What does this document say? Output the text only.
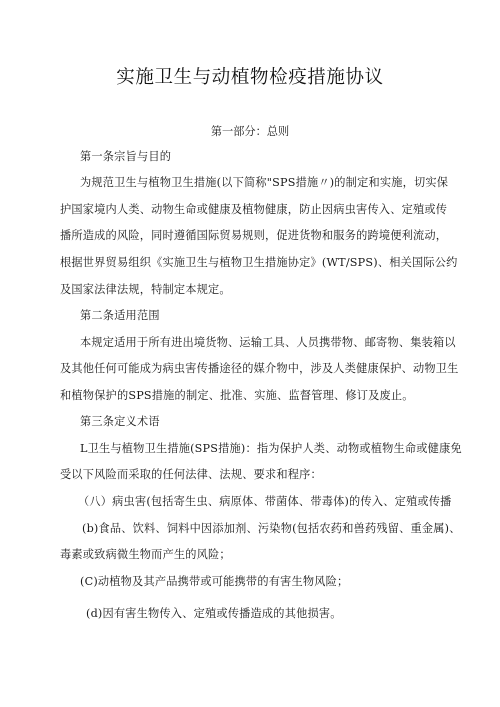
实施卫生与动植物检疫措施协议
第一部分：总则
第一条宗旨与目的
为规范卫生与植物卫生措施(以下简称"SPS措施〃)的制定和实施，切实保
护国家境内人类、动物生命或健康及植物健康，防止因病虫害传入、定殖或传
播所造成的风险，同时遵循国际贸易规则，促进货物和服务的跨境便利流动，
根据世界贸易组织《实施卫生与植物卫生措施协定》(WT/SPS)、相关国际公约
及国家法律法规，特制定本规定。
第二条适用范围
本规定适用于所有进出境货物、运输工具、人员携带物、邮寄物、集装箱以
及其他任何可能成为病虫害传播途径的媒介物中，涉及人类健康保护、动物卫生
和植物保护的SPS措施的制定、批准、实施、监督管理、修订及废止。
第三条定义术语
L卫生与植物卫生措施(SPS措施)：指为保护人类、动物或植物生命或健康免
受以下风险而采取的任何法律、法规、要求和程序：
（八）病虫害(包括寄生虫、病原体、带菌体、带毒体)的传入、定殖或传播
(b)食品、饮料、饲料中因添加剂、污染物(包括农药和兽药残留、重金属)、
毒素或致病微生物而产生的风险；
(C)动植物及其产品携带或可能携带的有害生物风险；
(d)因有害生物传入、定殖或传播造成的其他损害。
